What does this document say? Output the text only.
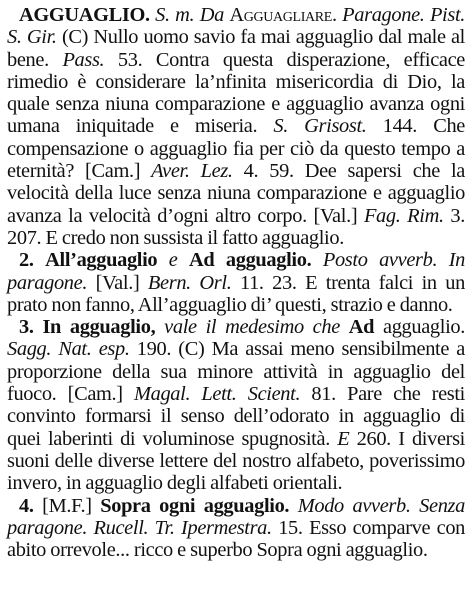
AGGUAGLIO. S. m. Da Agguagliare. Paragone. Pist. S. Gir. (C) Nullo uomo savio fa mai agguaglio dal male al bene. Pass. 53. Contra questa disperazione, efficace rimedio è considerare la’nfinita misericordia di Dio, la quale senza niuna comparazione e agguaglio avanza ogni umana iniquitade e miseria. S. Grisost. 144. Che compensazione o agguaglio fia per ciò da questo tempo a eternità? [Cam.] Aver. Lez. 4. 59. Dee sapersi che la velocità della luce senza niuna comparazione e agguaglio avanza la velocità d’ogni altro corpo. [Val.] Fag. Rim. 3. 207. E credo non sussista il fatto agguaglio.

2. All’agguaglio e Ad agguaglio. Posto avverb. In paragone. [Val.] Bern. Orl. 11. 23. E trenta falci in un prato non fanno, All’agguaglio di’ questi, strazio e danno.

3. In agguaglio, vale il medesimo che Ad agguaglio. Sagg. Nat. esp. 190. (C) Ma assai meno sensibilmente a proporzione della sua minore attività in agguaglio del fuoco. [Cam.] Magal. Lett. Scient. 81. Pare che resti convinto formarsi il senso dell’odorato in agguaglio di quei laberinti di voluminose spugnosità. E 260. I diversi suoni delle diverse lettere del nostro alfabeto, poverissimo invero, in agguaglio degli alfabeti orientali.

4. [M.F.] Sopra ogni agguaglio. Modo avverb. Senza paragone. Rucell. Tr. Ipermestra. 15. Esso comparve con abito orrevole... ricco e superbo Sopra ogni agguaglio.
